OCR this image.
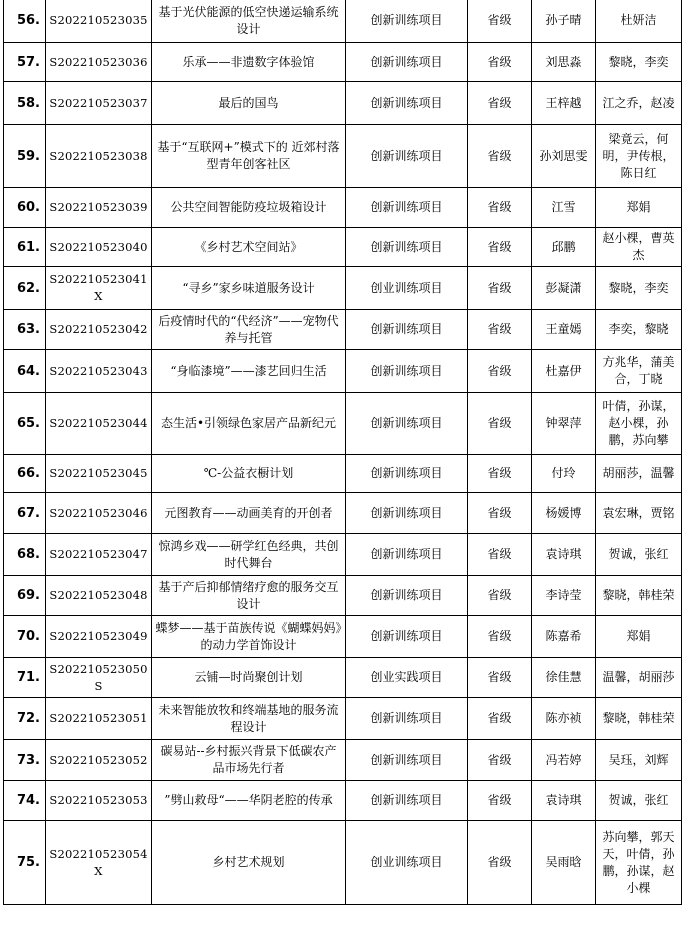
56.	S202210523035	基于光伏能源的低空快递运输系统设计	创新训练项目	省级	孙子晴	杜妍洁
57.	S202210523036	乐承——非遗数字体验馆	创新训练项目	省级	刘思淼	黎晓，李奕
58.	S202210523037	最后的国鸟	创新训练项目	省级	王梓越	江之乔，赵凌
59.	S202210523038	基于“互联网+”模式下的 近郊村落型青年创客社区	创新训练项目	省级	孙刘思雯	梁竟云，何明，尹传根，陈日红
60.	S202210523039	公共空间智能防疫垃圾箱设计	创新训练项目	省级	江雪	郑娟
61.	S202210523040	《乡村艺术空间站》	创新训练项目	省级	邱鹏	赵小棵，曹英杰
62.	S202210523041X	“寻乡”家乡味道服务设计	创业训练项目	省级	彭凝潇	黎晓，李奕
63.	S202210523042	后疫情时代的“代经济”——宠物代养与托管	创新训练项目	省级	王童嫣	李奕，黎晓
64.	S202210523043	“身临漆境”——漆艺回归生活	创新训练项目	省级	杜嘉伊	方兆华，蒲美合，丁晓
65.	S202210523044	态生活•引领绿色家居产品新纪元	创新训练项目	省级	钟翠萍	叶倩，孙谋，赵小棵，孙鹏，苏向攀
66.	S202210523045	℃-公益衣橱计划	创新训练项目	省级	付玲	胡丽莎，温馨
67.	S202210523046	元图教育——动画美育的开创者	创新训练项目	省级	杨媛博	袁宏琳，贾铭
68.	S202210523047	惊鸿乡戏——研学红色经典，共创时代舞台	创新训练项目	省级	袁诗琪	贺诚，张红
69.	S202210523048	基于产后抑郁情绪疗愈的服务交互设计	创新训练项目	省级	李诗莹	黎晓，韩桂荣
70.	S202210523049	蝶梦——基于苗族传说《蝴蝶妈妈》的动力学首饰设计	创新训练项目	省级	陈嘉希	郑娟
71.	S202210523050S	云铺—时尚聚创计划	创业实践项目	省级	徐佳慧	温馨，胡丽莎
72.	S202210523051	未来智能放牧和终端基地的服务流程设计	创新训练项目	省级	陈亦祯	黎晓，韩桂荣
73.	S202210523052	碳易站--乡村振兴背景下低碳农产品市场先行者	创新训练项目	省级	冯若婷	吴珏，刘辉
74.	S202210523053	”劈山救母“——华阴老腔的传承	创新训练项目	省级	袁诗琪	贺诚，张红
75.	S202210523054X	乡村艺术规划	创业训练项目	省级	吴雨晗	苏向攀，郭天天，叶倩，孙鹏，孙谋，赵小棵
